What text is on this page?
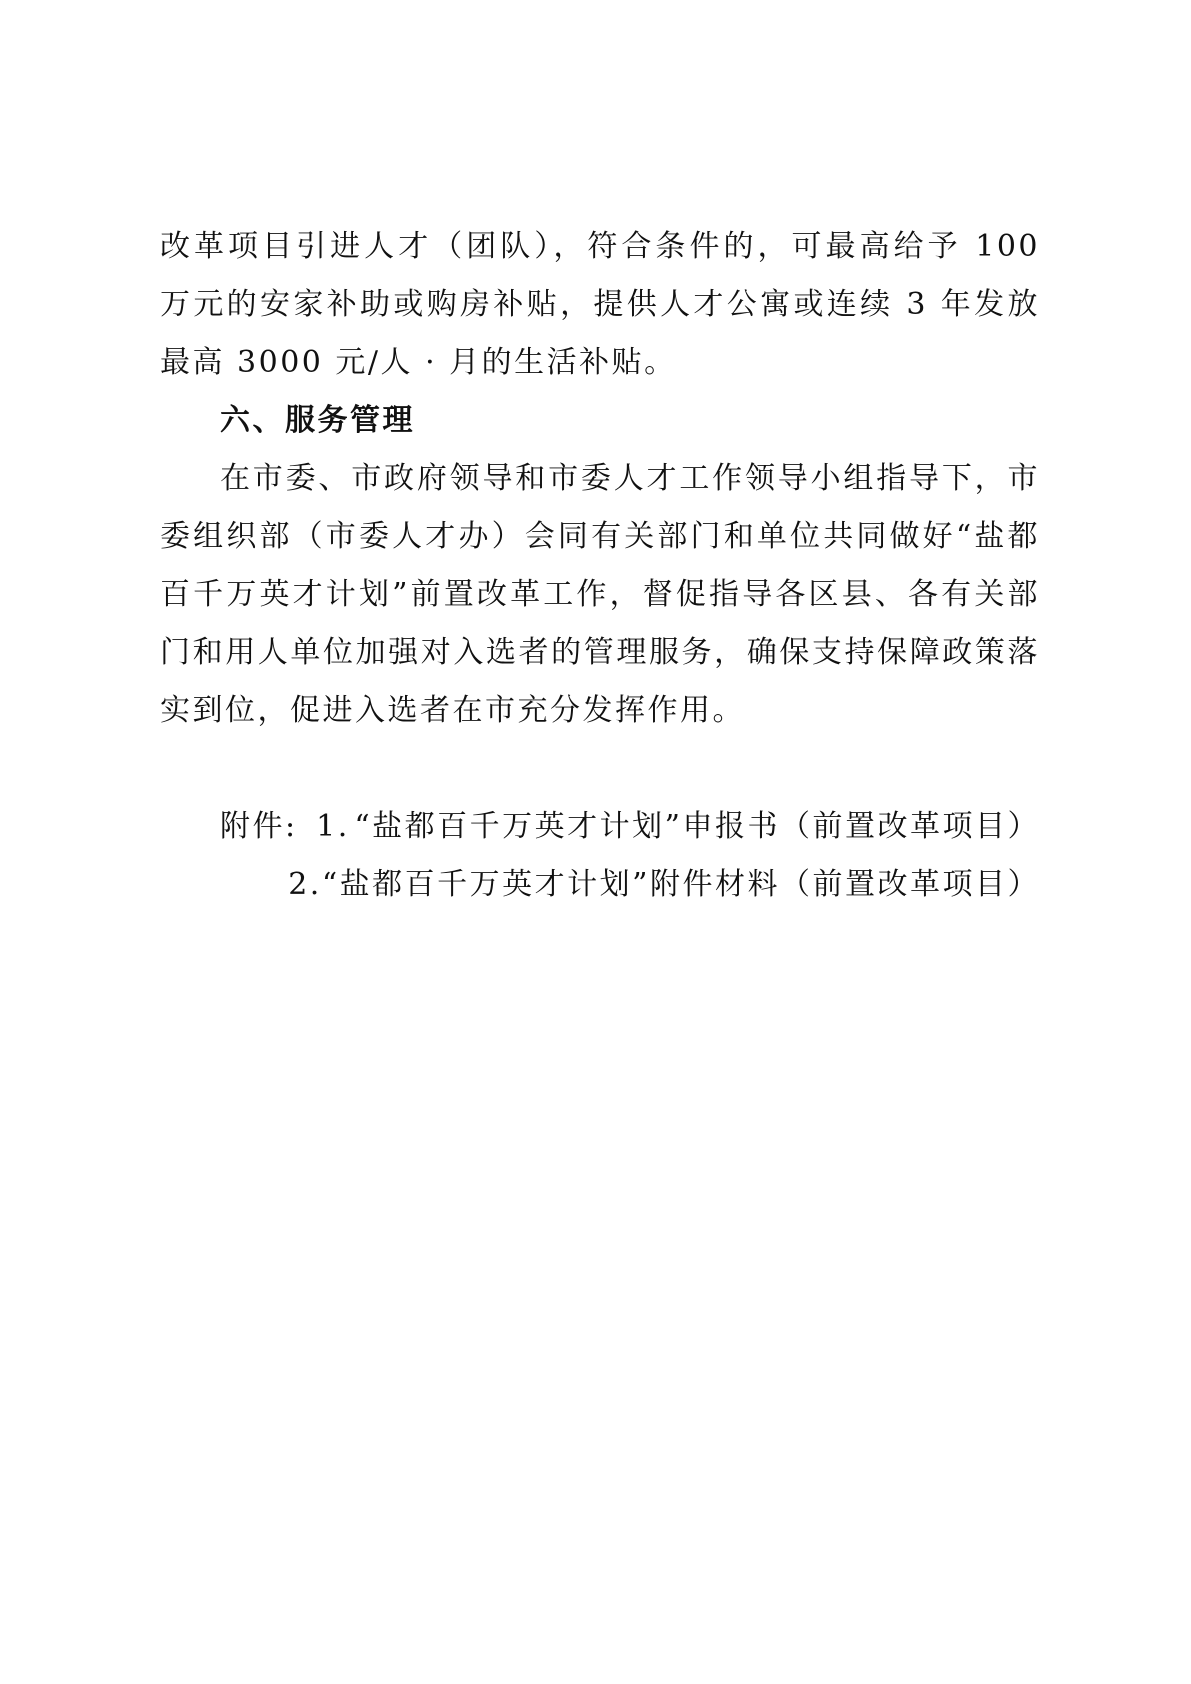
改革项目引进人才（团队），符合条件的，可最高给予 100 万元的安家补助或购房补贴，提供人才公寓或连续 3 年发放最高 3000 元/人 · 月的生活补贴。

六、服务管理

在市委、市政府领导和市委人才工作领导小组指导下，市委组织部（市委人才办）会同有关部门和单位共同做好“盐都百千万英才计划”前置改革工作，督促指导各区县、各有关部门和用人单位加强对入选者的管理服务，确保支持保障政策落实到位，促进入选者在市充分发挥作用。

附件: 1. “盐都百千万英才计划”申报书（前置改革项目）
2. “盐都百千万英才计划”附件材料（前置改革项目）
